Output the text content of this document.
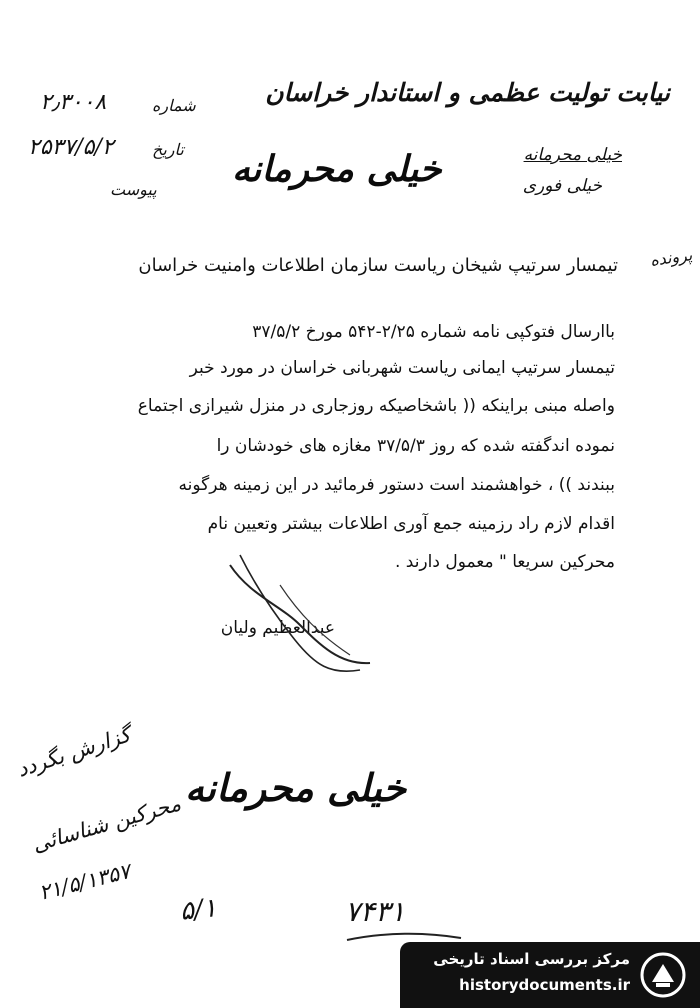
نیابت تولیت عظمی و استاندار خراسان
خیلی محرمانه
خیلی فوری
شماره
۲٫۳۰۰۸
تاریخ
۲۵۳۷/۵/۲
پیوست خیلی محرمانه
پرونده
تیمسار سرتیپ شیخان ریاست سازمان اطلاعات وامنیت خراسان
باارسال فتوکپی نامه شماره ۲/۲۵-۵۴۲ مورخ ۳۷/۵/۲
تیمسار سرتیپ ایمانی ریاست شهربانی خراسان در مورد خبر
واصله مبنی براینکه (( باشخاصیکه روزجاری در منزل شیرازی اجتماع
نموده اندگفته شده که روز ۳۷/۵/۳ مغازه های خودشان را
ببندند )) ، خواهشمند است دستور فرمائید در این زمینه هرگونه
اقدام لازم راد رزمینه جمع آوری اطلاعات بیشتر وتعیین نام
محرکین سریعا " معمول دارند .
عبدالعظیم ولیان
خیلی محرمانه
گزارش بگردد
محرکین شناسائی
۲۱/۵/۱۳۵۷
۵/۱	۷۴۳۱
مرکز بررسی اسناد تاریخی
historydocuments.ir
